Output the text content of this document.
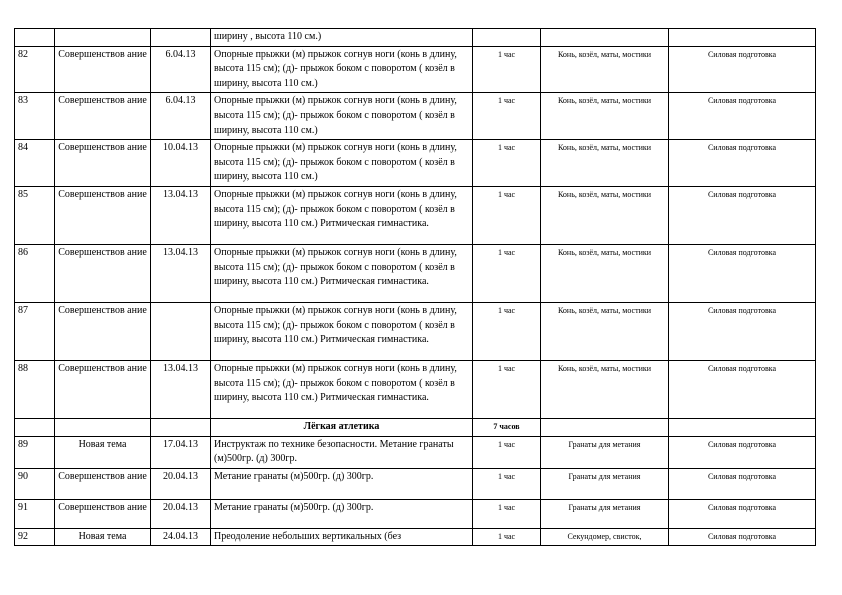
			ширину , высота 110 см.)			
82	Совершенствов ание	6.04.13	Опорные прыжки (м) прыжок согнув ноги (конь в длину, высота 115 см); (д)- прыжок боком с поворотом ( козёл в ширину, высота 110 см.)	1 час	Конь, козёл, маты, мостики	Силовая подготовка
83	Совершенствов ание	6.04.13	Опорные прыжки (м) прыжок согнув ноги (конь в длину, высота 115 см); (д)- прыжок боком с поворотом ( козёл в ширину, высота 110 см.)	1 час	Конь, козёл, маты, мостики	Силовая подготовка
84	Совершенствов ание	10.04.13	Опорные прыжки (м) прыжок согнув ноги (конь в длину, высота 115 см); (д)- прыжок боком с поворотом ( козёл в ширину, высота 110 см.)	1 час	Конь, козёл, маты, мостики	Силовая подготовка
85	Совершенствов ание	13.04.13	Опорные прыжки (м) прыжок согнув ноги (конь в длину, высота 115 см); (д)- прыжок боком с поворотом ( козёл в ширину, высота 110 см.) Ритмическая гимнастика.	1 час	Конь, козёл, маты, мостики	Силовая подготовка
86	Совершенствов ание	13.04.13	Опорные прыжки (м) прыжок согнув ноги (конь в длину, высота 115 см); (д)- прыжок боком с поворотом ( козёл в ширину, высота 110 см.) Ритмическая гимнастика.	1 час	Конь, козёл, маты, мостики	Силовая подготовка
87	Совершенствов ание		Опорные прыжки (м) прыжок согнув ноги (конь в длину, высота 115 см); (д)- прыжок боком с поворотом ( козёл в ширину, высота 110 см.) Ритмическая гимнастика.	1 час	Конь, козёл, маты, мостики	Силовая подготовка
88	Совершенствов ание	13.04.13	Опорные прыжки (м) прыжок согнув ноги (конь в длину, высота 115 см); (д)- прыжок боком с поворотом ( козёл в ширину, высота 110 см.) Ритмическая гимнастика.	1 час	Конь, козёл, маты, мостики	Силовая подготовка
			Лёгкая атлетика	7 часов		
89	Новая тема	17.04.13	Инструктаж по технике безопасности. Метание гранаты (м)500гр. (д) 300гр.	1 час	Гранаты для метания	Силовая подготовка
90	Совершенствов ание	20.04.13	Метание гранаты (м)500гр. (д) 300гр.	1 час	Гранаты для метания	Силовая подготовка
91	Совершенствов ание	20.04.13	Метание гранаты (м)500гр. (д) 300гр.	1 час	Гранаты для метания	Силовая подготовка
92	Новая тема	24.04.13	Преодоление небольших вертикальных (без	1 час	Секундомер, свисток,	Силовая подготовка
